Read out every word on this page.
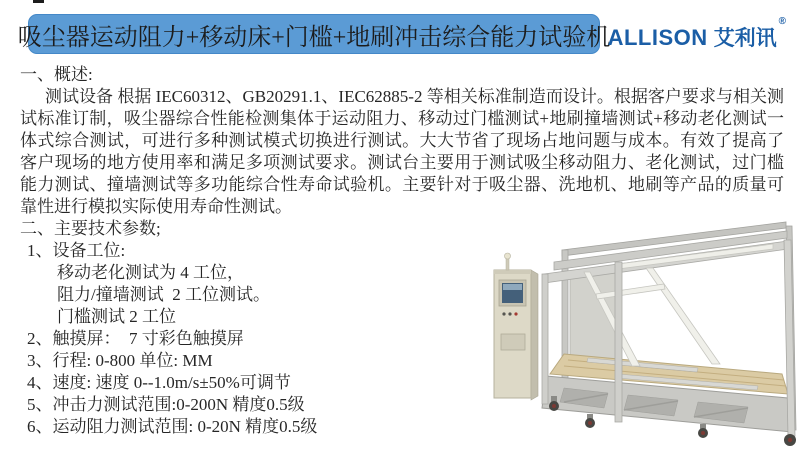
吸尘器运动阻力+移动床+门槛+地刷冲击综合能力试验机
ALLISON 艾利讯
®
一、概述:

测试设备 根据 IEC60312、GB20291.1、IEC62885-2 等相关标准制造而设计。根据客户要求与相关测试标准订制，吸尘器综合性能检测集体于运动阻力、移动过门槛测试+地刷撞墙测试+移动老化测试一体式综合测试，可进行多种测试模式切换进行测试。大大节省了现场占地问题与成本。有效了提高了客户现场的地方使用率和满足多项测试要求。测试台主要用于测试吸尘移动阻力、老化测试，过门槛能力测试、撞墙测试等多功能综合性寿命试验机。主要针对于吸尘器、洗地机、地刷等产品的质量可靠性进行模拟实际使用寿命性测试。

二、主要技术参数;
1、设备工位:
移动老化测试为 4 工位，
阻力/撞墙测试  2 工位测试。
门槛测试 2 工位
2、触摸屏：  7 寸彩色触摸屏
3、行程: 0-800 单位: MM
4、速度: 速度 0--1.0m/s±50%可调节
5、冲击力测试范围:0-200N 精度0.5级
6、运动阻力测试范围: 0-20N 精度0.5级
